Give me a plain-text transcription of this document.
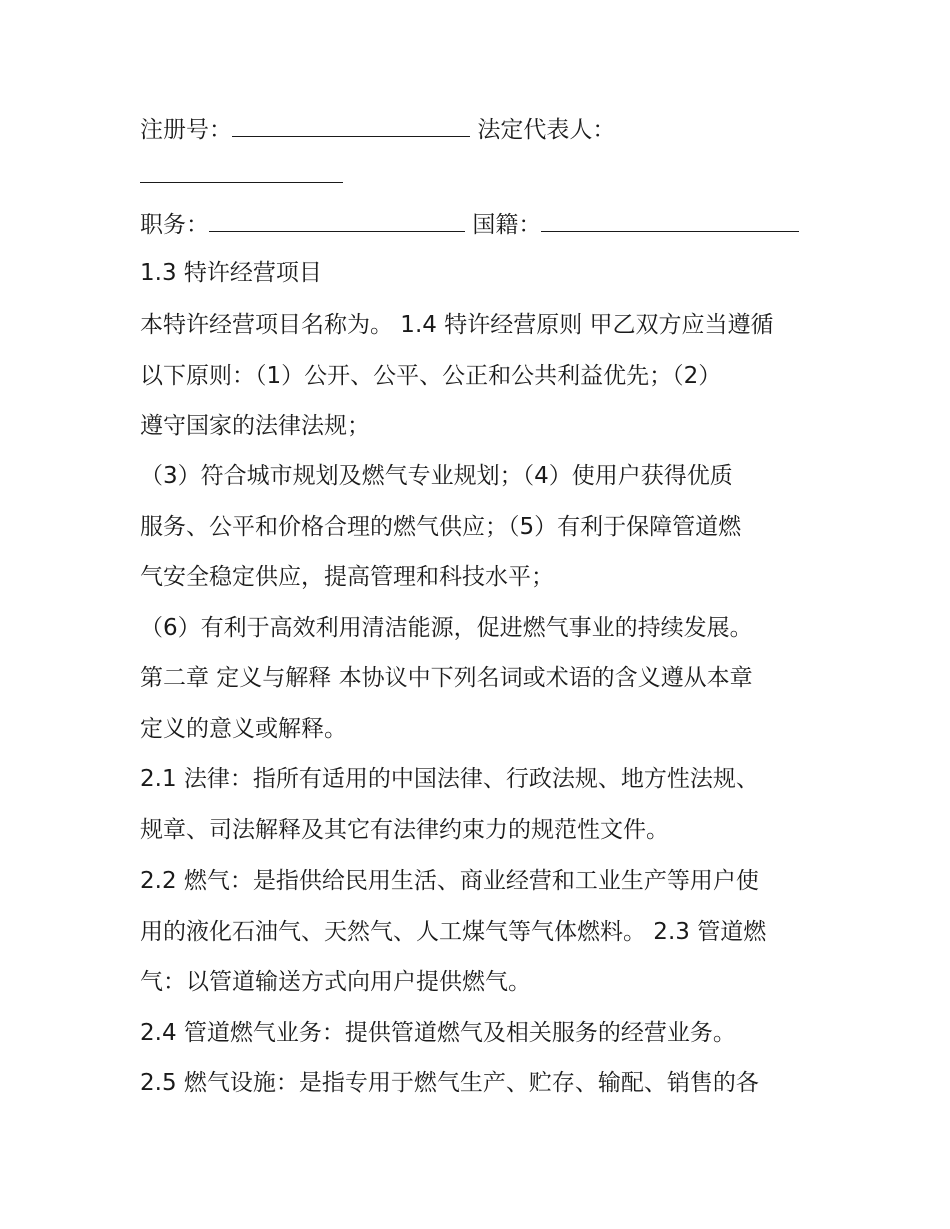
注册号：	法定代表人：
职务：	国籍：
1.3 特许经营项目
本特许经营项目名称为。 1.4 特许经营原则 甲乙双方应当遵循
以下原则：（1）公开、公平、公正和公共利益优先；（2）
遵守国家的法律法规；
（3）符合城市规划及燃气专业规划；（4）使用户获得优质
服务、公平和价格合理的燃气供应；（5）有利于保障管道燃
气安全稳定供应，提高管理和科技水平；
（6）有利于高效利用清洁能源，促进燃气事业的持续发展。
第二章 定义与解释 本协议中下列名词或术语的含义遵从本章
定义的意义或解释。
2.1 法律：指所有适用的中国法律、行政法规、地方性法规、
规章、司法解释及其它有法律约束力的规范性文件。
2.2 燃气：是指供给民用生活、商业经营和工业生产等用户使
用的液化石油气、天然气、人工煤气等气体燃料。 2.3 管道燃
气：以管道输送方式向用户提供燃气。
2.4 管道燃气业务：提供管道燃气及相关服务的经营业务。
2.5 燃气设施：是指专用于燃气生产、贮存、输配、销售的各
